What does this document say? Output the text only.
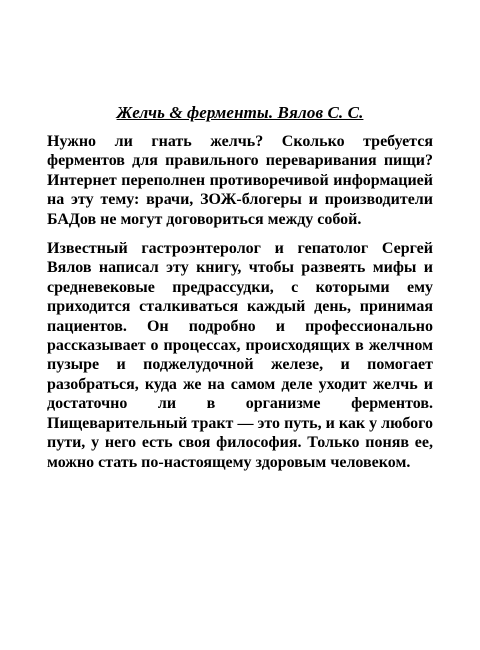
Желчь & ферменты. Вялов С. С.

Нужно ли гнать желчь? Сколько требуется ферментов для правильного переваривания пищи? Интернет переполнен противоречивой информацией на эту тему: врачи, ЗОЖ-блогеры и производители БАДов не могут договориться между собой.

Известный гастроэнтеролог и гепатолог Сергей Вялов написал эту книгу, чтобы развеять мифы и средневековые предрассудки, с которыми ему приходится сталкиваться каждый день, принимая пациентов. Он подробно и профессионально рассказывает о процессах, происходящих в желчном пузыре и поджелудочной железе, и помогает разобраться, куда же на самом деле уходит желчь и достаточно ли в организме ферментов. Пищеварительный тракт — это путь, и как у любого пути, у него есть своя философия. Только поняв ее, можно стать по-настоящему здоровым человеком.
